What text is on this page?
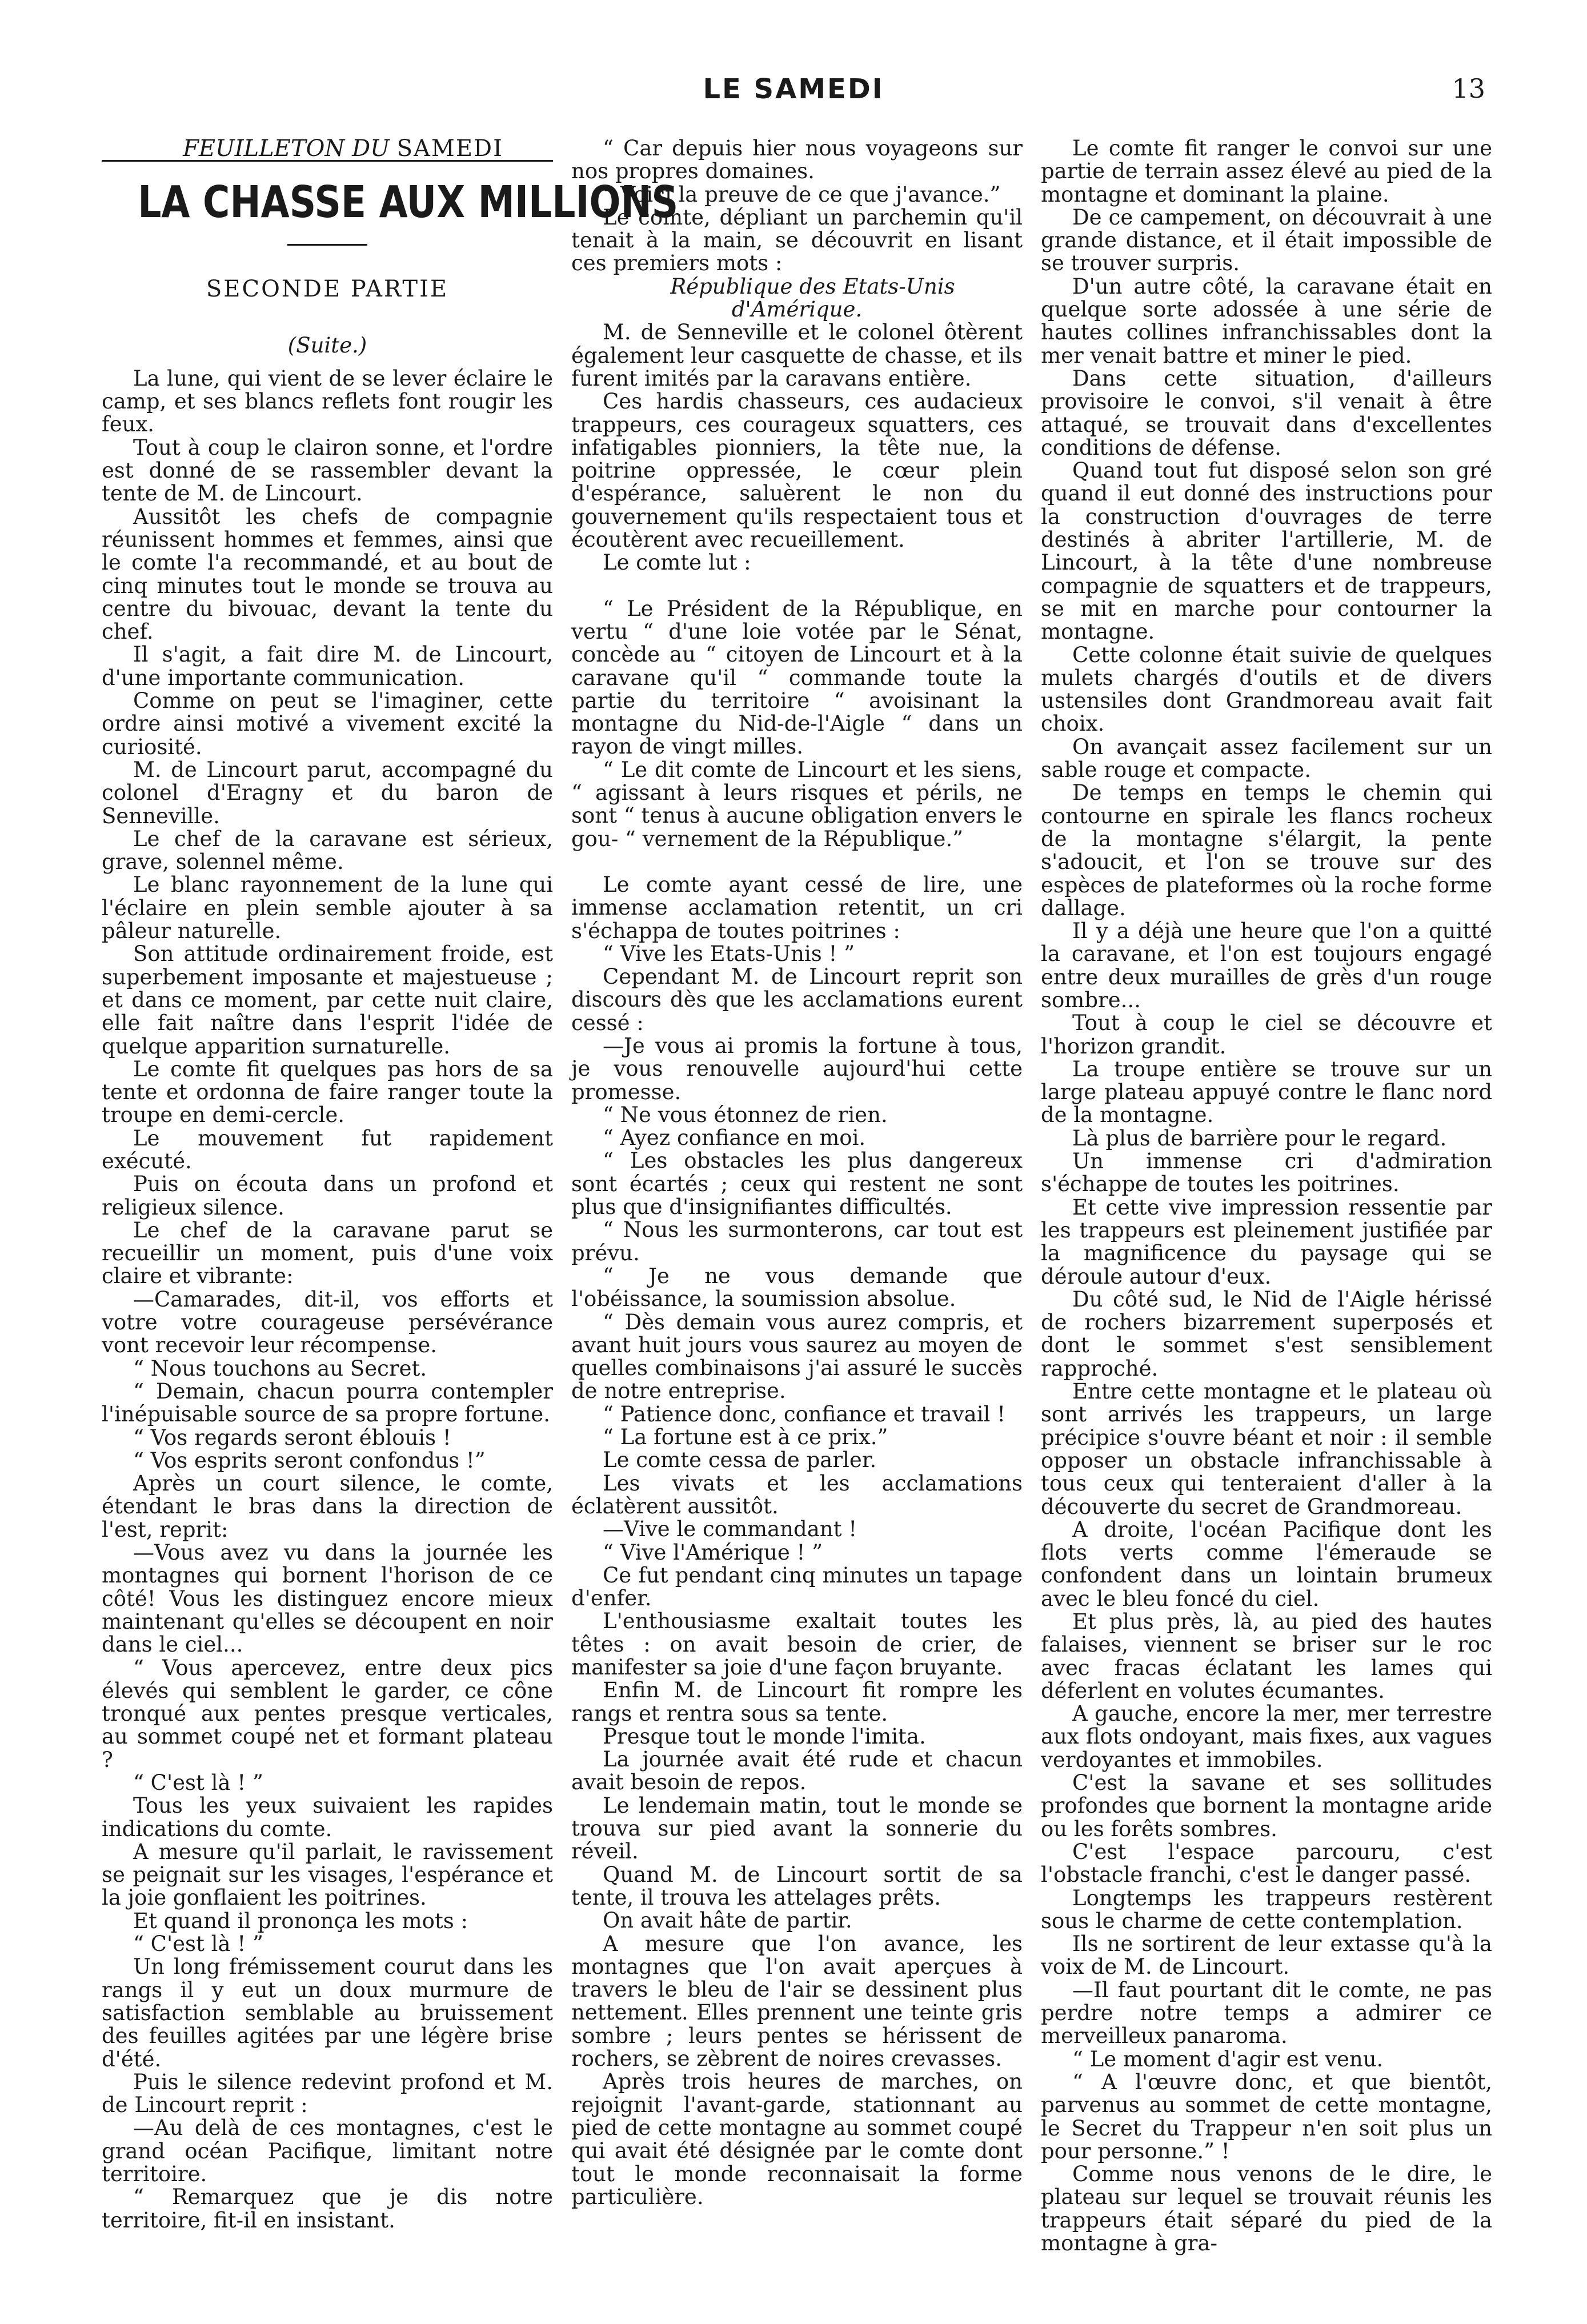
LE SAMEDI	13

FEUILLETON DU SAMEDI

LA CHASSE AUX MILLIONS
SECONDE PARTIE
(Suite.)

La lune, qui vient de se lever éclaire le camp, et ses blancs reflets font rougir les feux.

Tout à coup le clairon sonne, et l'ordre est donné de se rassembler devant la tente de M. de Lincourt.

Aussitôt les chefs de compagnie réunissent hommes et femmes, ainsi que le comte l'a recommandé, et au bout de cinq minutes tout le monde se trouva au centre du bivouac, devant la tente du chef.

Il s'agit, a fait dire M. de Lincourt, d'une importante communication.

Comme on peut se l'imaginer, cette ordre ainsi motivé a vivement excité la curiosité.

M. de Lincourt parut, accompagné du colonel d'Eragny et du baron de Senneville.

Le chef de la caravane est sérieux, grave, solennel même.

Le blanc rayonnement de la lune qui l'éclaire en plein semble ajouter à sa pâleur naturelle.

Son attitude ordinairement froide, est superbement imposante et majestueuse ; et dans ce moment, par cette nuit claire, elle fait naître dans l'esprit l'idée de quelque apparition surnaturelle.

Le comte fit quelques pas hors de sa tente et ordonna de faire ranger toute la troupe en demi-cercle.

Le mouvement fut rapidement exécuté.

Puis on écouta dans un profond et religieux silence.

Le chef de la caravane parut se recueillir un moment, puis d'une voix claire et vibrante:

—Camarades, dit-il, vos efforts et votre votre courageuse persévérance vont recevoir leur récompense.

“ Nous touchons au Secret.

“ Demain, chacun pourra contempler l'inépuisable source de sa propre fortune.

“ Vos regards seront éblouis !

“ Vos esprits seront confondus !”

Après un court silence, le comte, étendant le bras dans la direction de l'est, reprit:

—Vous avez vu dans la journée les montagnes qui bornent l'horison de ce côté! Vous les distinguez encore mieux maintenant qu'elles se découpent en noir dans le ciel...

“ Vous apercevez, entre deux pics élevés qui semblent le garder, ce cône tronqué aux pentes presque verticales, au sommet coupé net et formant plateau ?

“ C'est là ! ”

Tous les yeux suivaient les rapides indications du comte.

A mesure qu'il parlait, le ravissement se peignait sur les visages, l'espérance et la joie gonflaient les poitrines.

Et quand il prononça les mots :

“ C'est là ! ”

Un long frémissement courut dans les rangs il y eut un doux murmure de satisfaction semblable au bruissement des feuilles agitées par une légère brise d'été.

Puis le silence redevint profond et M. de Lincourt reprit :

—Au delà de ces montagnes, c'est le grand océan Pacifique, limitant notre territoire.

“ Remarquez que je dis notre territoire, fit-il en insistant.

“ Car depuis hier nous voyageons sur nos propres domaines.

“ Voici la preuve de ce que j'avance.”

Le comte, dépliant un parchemin qu'il tenait à la main, se découvrit en lisant ces premiers mots :

République des Etats-Unis d'Amérique.

M. de Senneville et le colonel ôtèrent également leur casquette de chasse, et ils furent imités par la caravans entière.

Ces hardis chasseurs, ces audacieux trappeurs, ces courageux squatters, ces infatigables pionniers, la tête nue, la poitrine oppressée, le cœur plein d'espérance, saluèrent le non du gouvernement qu'ils respectaient tous et écoutèrent avec recueillement.

Le comte lut :

“ Le Président de la République, en vertu “ d'une loie votée par le Sénat, concède au “ citoyen de Lincourt et à la caravane qu'il “ commande toute la partie du territoire “ avoisinant la montagne du Nid-de-l'Aigle “ dans un rayon de vingt milles.

“ Le dit comte de Lincourt et les siens, “ agissant à leurs risques et périls, ne sont “ tenus à aucune obligation envers le gou- “ vernement de la République.”

Le comte ayant cessé de lire, une immense acclamation retentit, un cri s'échappa de toutes poitrines :

“ Vive les Etats-Unis ! ”

Cependant M. de Lincourt reprit son discours dès que les acclamations eurent cessé :

—Je vous ai promis la fortune à tous, je vous renouvelle aujourd'hui cette promesse.

“ Ne vous étonnez de rien.

“ Ayez confiance en moi.

“ Les obstacles les plus dangereux sont écartés ; ceux qui restent ne sont plus que d'insignifiantes difficultés.

“ Nous les surmonterons, car tout est prévu.

“ Je ne vous demande que l'obéissance, la soumission absolue.

“ Dès demain vous aurez compris, et avant huit jours vous saurez au moyen de quelles combinaisons j'ai assuré le succès de notre entreprise.

“ Patience donc, confiance et travail !

“ La fortune est à ce prix.”

Le comte cessa de parler.

Les vivats et les acclamations éclatèrent aussitôt.

—Vive le commandant !

“ Vive l'Amérique ! ”

Ce fut pendant cinq minutes un tapage d'enfer.

L'enthousiasme exaltait toutes les têtes : on avait besoin de crier, de manifester sa joie d'une façon bruyante.

Enfin M. de Lincourt fit rompre les rangs et rentra sous sa tente.

Presque tout le monde l'imita.

La journée avait été rude et chacun avait besoin de repos.

Le lendemain matin, tout le monde se trouva sur pied avant la sonnerie du réveil.

Quand M. de Lincourt sortit de sa tente, il trouva les attelages prêts.

On avait hâte de partir.

A mesure que l'on avance, les montagnes que l'on avait aperçues à travers le bleu de l'air se dessinent plus nettement. Elles prennent une teinte gris sombre ; leurs pentes se hérissent de rochers, se zèbrent de noires crevasses.

Après trois heures de marches, on rejoignit l'avant-garde, stationnant au pied de cette montagne au sommet coupé qui avait été désignée par le comte dont tout le monde reconnaisait la forme particulière.

Le comte fit ranger le convoi sur une partie de terrain assez élevé au pied de la montagne et dominant la plaine.

De ce campement, on découvrait à une grande distance, et il était impossible de se trouver surpris.

D'un autre côté, la caravane était en quelque sorte adossée à une série de hautes collines infranchissables dont la mer venait battre et miner le pied.

Dans cette situation, d'ailleurs provisoire le convoi, s'il venait à être attaqué, se trouvait dans d'excellentes conditions de défense.

Quand tout fut disposé selon son gré quand il eut donné des instructions pour la construction d'ouvrages de terre destinés à abriter l'artillerie, M. de Lincourt, à la tête d'une nombreuse compagnie de squatters et de trappeurs, se mit en marche pour contourner la montagne.

Cette colonne était suivie de quelques mulets chargés d'outils et de divers ustensiles dont Grandmoreau avait fait choix.

On avançait assez facilement sur un sable rouge et compacte.

De temps en temps le chemin qui contourne en spirale les flancs rocheux de la montagne s'élargit, la pente s'adoucit, et l'on se trouve sur des espèces de plateformes où la roche forme dallage.

Il y a déjà une heure que l'on a quitté la caravane, et l'on est toujours engagé entre deux murailles de grès d'un rouge sombre...

Tout à coup le ciel se découvre et l'horizon grandit.

La troupe entière se trouve sur un large plateau appuyé contre le flanc nord de la montagne.

Là plus de barrière pour le regard.

Un immense cri d'admiration s'échappe de toutes les poitrines.

Et cette vive impression ressentie par les trappeurs est pleinement justifiée par la magnificence du paysage qui se déroule autour d'eux.

Du côté sud, le Nid de l'Aigle hérissé de rochers bizarrement superposés et dont le sommet s'est sensiblement rapproché.

Entre cette montagne et le plateau où sont arrivés les trappeurs, un large précipice s'ouvre béant et noir : il semble opposer un obstacle infranchissable à tous ceux qui tenteraient d'aller à la découverte du secret de Grandmoreau.

A droite, l'océan Pacifique dont les flots verts comme l'émeraude se confondent dans un lointain brumeux avec le bleu foncé du ciel.

Et plus près, là, au pied des hautes falaises, viennent se briser sur le roc avec fracas éclatant les lames qui déferlent en volutes écumantes.

A gauche, encore la mer, mer terrestre aux flots ondoyant, mais fixes, aux vagues verdoyantes et immobiles.

C'est la savane et ses sollitudes profondes que bornent la montagne aride ou les forêts sombres.

C'est l'espace parcouru, c'est l'obstacle franchi, c'est le danger passé.

Longtemps les trappeurs restèrent sous le charme de cette contemplation.

Ils ne sortirent de leur extasse qu'à la voix de M. de Lincourt.

—Il faut pourtant dit le comte, ne pas perdre notre temps a admirer ce merveilleux panaroma.

“ Le moment d'agir est venu.

“ A l'œuvre donc, et que bientôt, parvenus au sommet de cette montagne, le Secret du Trappeur n'en soit plus un pour personne.” !

Comme nous venons de le dire, le plateau sur lequel se trouvait réunis les trappeurs était séparé du pied de la montagne à gra-
